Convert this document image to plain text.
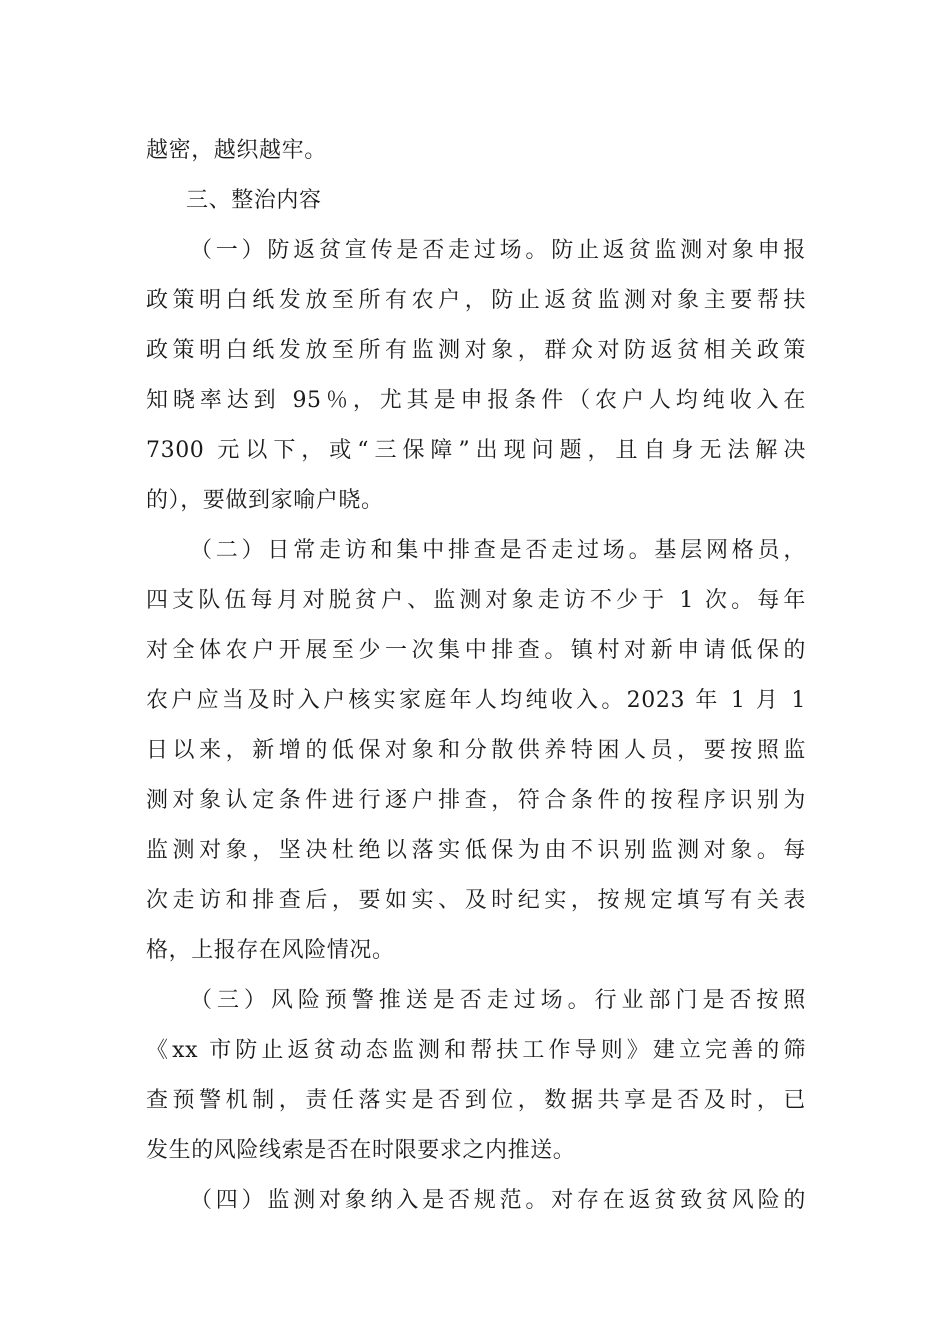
越密，越织越牢。
三、整治内容
（一）防返贫宣传是否走过场。防止返贫监测对象申报
政策明白纸发放至所有农户，防止返贫监测对象主要帮扶
政策明白纸发放至所有监测对象，群众对防返贫相关政策
知晓率达到 95％，尤其是申报条件（农户人均纯收入在
7300 元以下，或“三保障”出现问题，且自身无法解决
的），要做到家喻户晓。
（二）日常走访和集中排查是否走过场。基层网格员，
四支队伍每月对脱贫户、监测对象走访不少于 1 次。每年
对全体农户开展至少一次集中排查。镇村对新申请低保的
农户应当及时入户核实家庭年人均纯收入。2023 年 1 月 1
日以来，新增的低保对象和分散供养特困人员，要按照监
测对象认定条件进行逐户排查，符合条件的按程序识别为
监测对象，坚决杜绝以落实低保为由不识别监测对象。每
次走访和排查后，要如实、及时纪实，按规定填写有关表
格，上报存在风险情况。
（三）风险预警推送是否走过场。行业部门是否按照
《xx 市防止返贫动态监测和帮扶工作导则》建立完善的筛
查预警机制，责任落实是否到位，数据共享是否及时，已
发生的风险线索是否在时限要求之内推送。
（四）监测对象纳入是否规范。对存在返贫致贫风险的
